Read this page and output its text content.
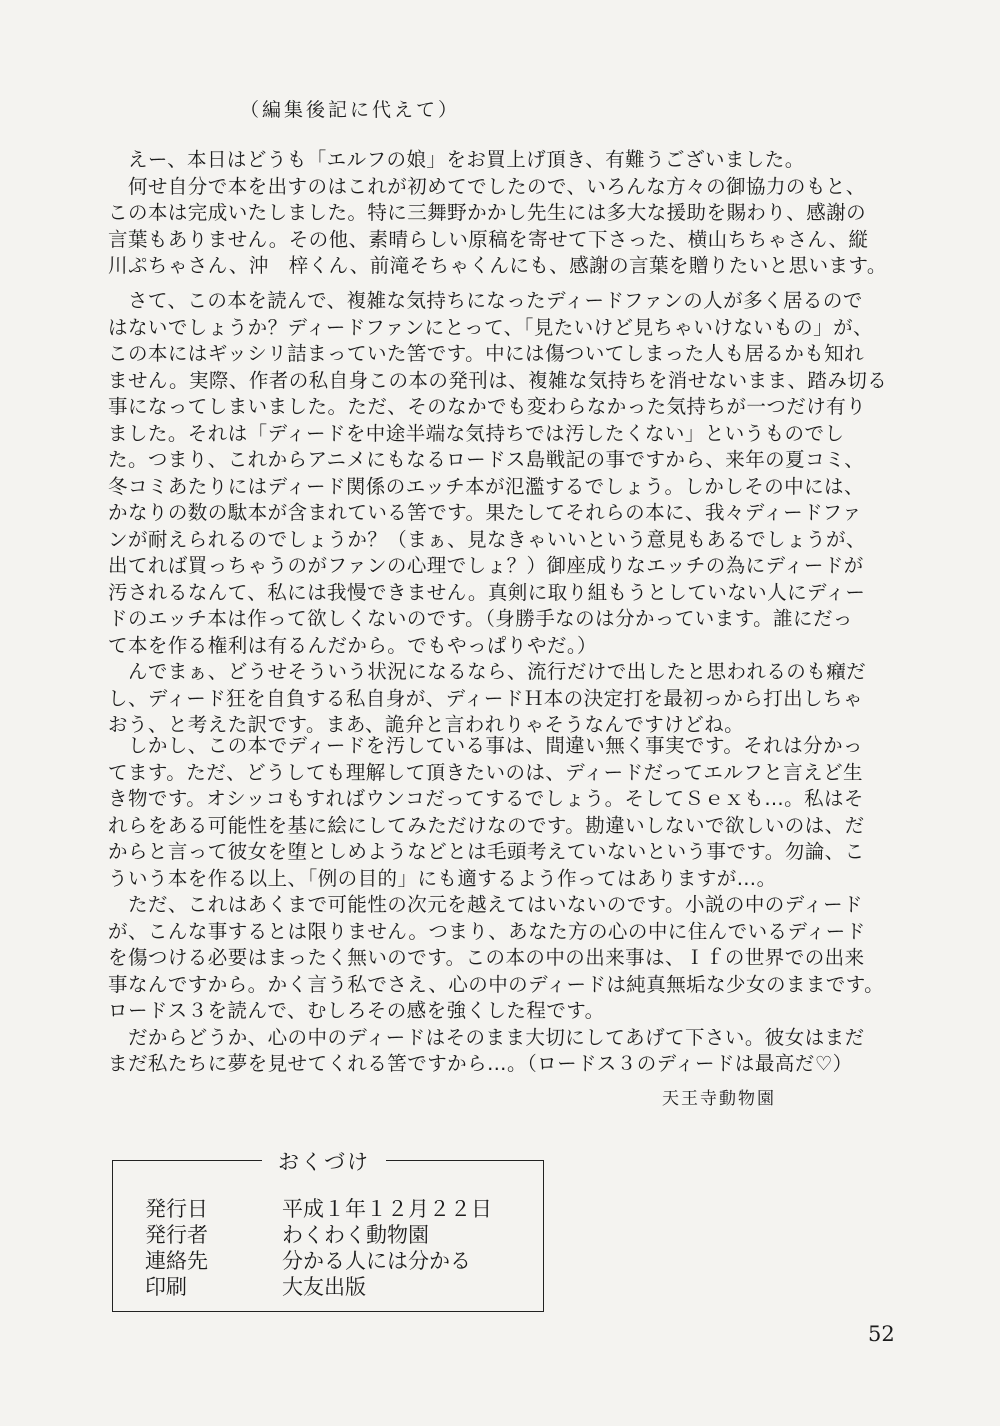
（編集後記に代えて）
　えー、本日はどうも「エルフの娘」をお買上げ頂き、有難うございました。
　何せ自分で本を出すのはこれが初めてでしたので、いろんな方々の御協力のもと、
この本は完成いたしました。特に三舞野かかし先生には多大な援助を賜わり、感謝の
言葉もありません。その他、素晴らしい原稿を寄せて下さった、横山ちちゃさん、縦
川ぷちゃさん、沖　梓くん、前滝そちゃくんにも、感謝の言葉を贈りたいと思います。
　さて、この本を読んで、複雑な気持ちになったディードファンの人が多く居るので
はないでしょうか？ディードファンにとって、「見たいけど見ちゃいけないもの」が、
この本にはギッシリ詰まっていた筈です。中には傷ついてしまった人も居るかも知れ
ません。実際、作者の私自身この本の発刊は、複雑な気持ちを消せないまま、踏み切る
事になってしまいました。ただ、そのなかでも変わらなかった気持ちが一つだけ有り
ました。それは「ディードを中途半端な気持ちでは汚したくない」というものでし
た。つまり、これからアニメにもなるロードス島戦記の事ですから、来年の夏コミ、
冬コミあたりにはディード関係のエッチ本が氾濫するでしょう。しかしその中には、
かなりの数の駄本が含まれている筈です。果たしてそれらの本に、我々ディードファ
ンが耐えられるのでしょうか？（まぁ、見なきゃいいという意見もあるでしょうが、
出てれば買っちゃうのがファンの心理でしょ？）御座成りなエッチの為にディードが
汚されるなんて、私には我慢できません。真剣に取り組もうとしていない人にディー
ドのエッチ本は作って欲しくないのです。（身勝手なのは分かっています。誰にだっ
て本を作る権利は有るんだから。でもやっぱりやだ。）
　んでまぁ、どうせそういう状況になるなら、流行だけで出したと思われるのも癪だ
し、ディード狂を自負する私自身が、ディードＨ本の決定打を最初っから打出しちゃ
おう、と考えた訳です。まあ、詭弁と言われりゃそうなんですけどね。
　しかし、この本でディードを汚している事は、間違い無く事実です。それは分かっ
てます。ただ、どうしても理解して頂きたいのは、ディードだってエルフと言えど生
き物です。オシッコもすればウンコだってするでしょう。そしてＳｅｘも…。私はそ
れらをある可能性を基に絵にしてみただけなのです。勘違いしないで欲しいのは、だ
からと言って彼女を堕としめようなどとは毛頭考えていないという事です。勿論、こ
ういう本を作る以上、「例の目的」にも適するよう作ってはありますが…。
　ただ、これはあくまで可能性の次元を越えてはいないのです。小説の中のディード
が、こんな事するとは限りません。つまり、あなた方の心の中に住んでいるディード
を傷つける必要はまったく無いのです。この本の中の出来事は、Ｉｆの世界での出来
事なんですから。かく言う私でさえ、心の中のディードは純真無垢な少女のままです。
ロードス３を読んで、むしろその感を強くした程です。
　だからどうか、心の中のディードはそのまま大切にしてあげて下さい。彼女はまだ
まだ私たちに夢を見せてくれる筈ですから…。（ロードス３のディードは最高だ♡）
天王寺動物園
おくづけ
発行日	平成１年１２月２２日
発行者	わくわく動物園
連絡先	分かる人には分かる
印刷	大友出版
52
